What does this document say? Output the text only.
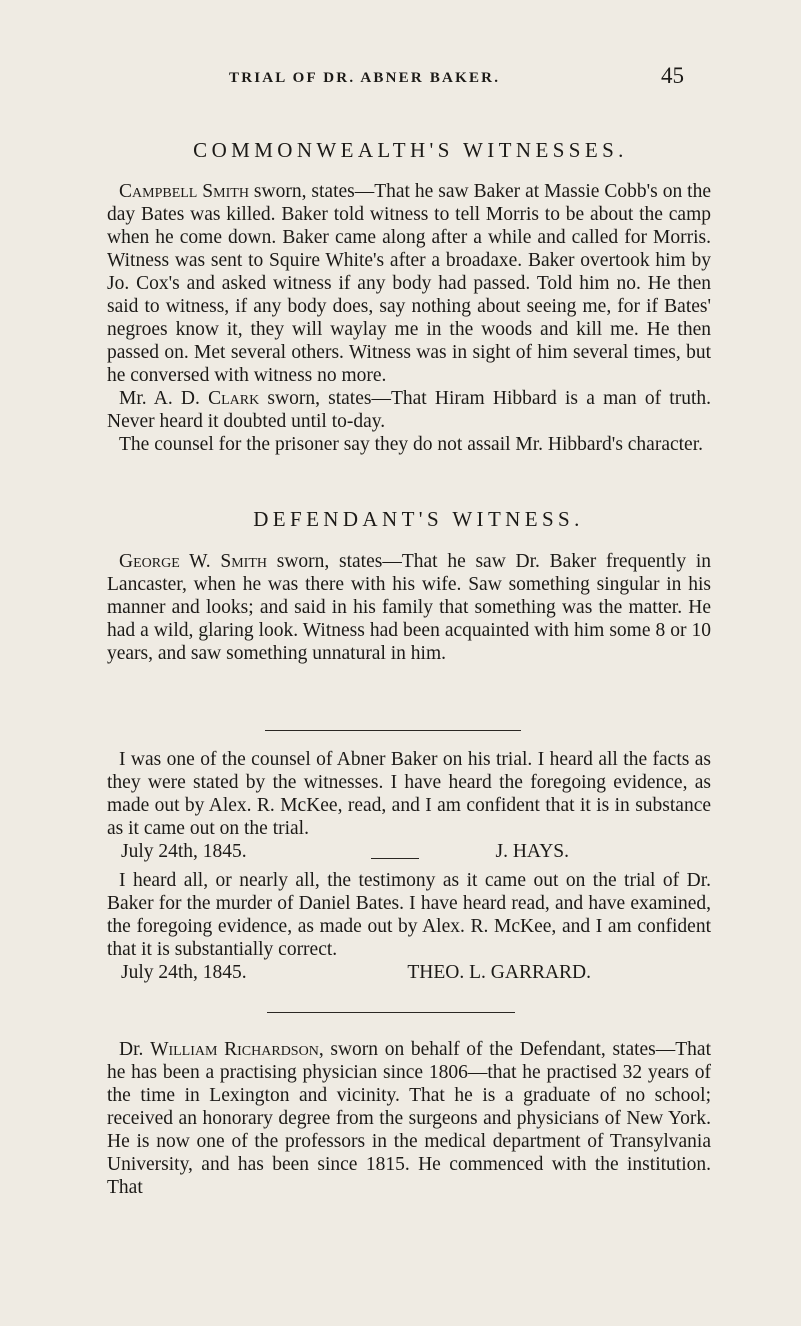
TRIAL OF DR. ABNER BAKER.	45
COMMONWEALTH'S WITNESSES.

Campbell Smith sworn, states—That he saw Baker at Massie Cobb's on the day Bates was killed. Baker told witness to tell Morris to be about the camp when he come down. Baker came along after a while and called for Morris. Witness was sent to Squire White's after a broadaxe. Baker overtook him by Jo. Cox's and asked witness if any body had passed. Told him no. He then said to witness, if any body does, say nothing about seeing me, for if Bates' negroes know it, they will waylay me in the woods and kill me. He then passed on. Met several others. Witness was in sight of him several times, but he conversed with witness no more.

Mr. A. D. Clark sworn, states—That Hiram Hibbard is a man of truth. Never heard it doubted until to-day.

The counsel for the prisoner say they do not assail Mr. Hibbard's character.

DEFENDANT'S WITNESS.

George W. Smith sworn, states—That he saw Dr. Baker frequently in Lancaster, when he was there with his wife. Saw something singular in his manner and looks; and said in his family that something was the matter. He had a wild, glaring look. Witness had been acquainted with him some 8 or 10 years, and saw something unnatural in him.

I was one of the counsel of Abner Baker on his trial. I heard all the facts as they were stated by the witnesses. I have heard the foregoing evidence, as made out by Alex. R. McKee, read, and I am confident that it is in substance as it came out on the trial.

July 24th, 1845.	J. HAYS.

I heard all, or nearly all, the testimony as it came out on the trial of Dr. Baker for the murder of Daniel Bates. I have heard read, and have examined, the foregoing evidence, as made out by Alex. R. McKee, and I am confident that it is substantially correct.

July 24th, 1845.	THEO. L. GARRARD.

Dr. William Richardson, sworn on behalf of the Defendant, states—That he has been a practising physician since 1806—that he practised 32 years of the time in Lexington and vicinity. That he is a graduate of no school; received an honorary degree from the surgeons and physicians of New York. He is now one of the professors in the medical department of Transylvania University, and has been since 1815. He commenced with the institution. That
